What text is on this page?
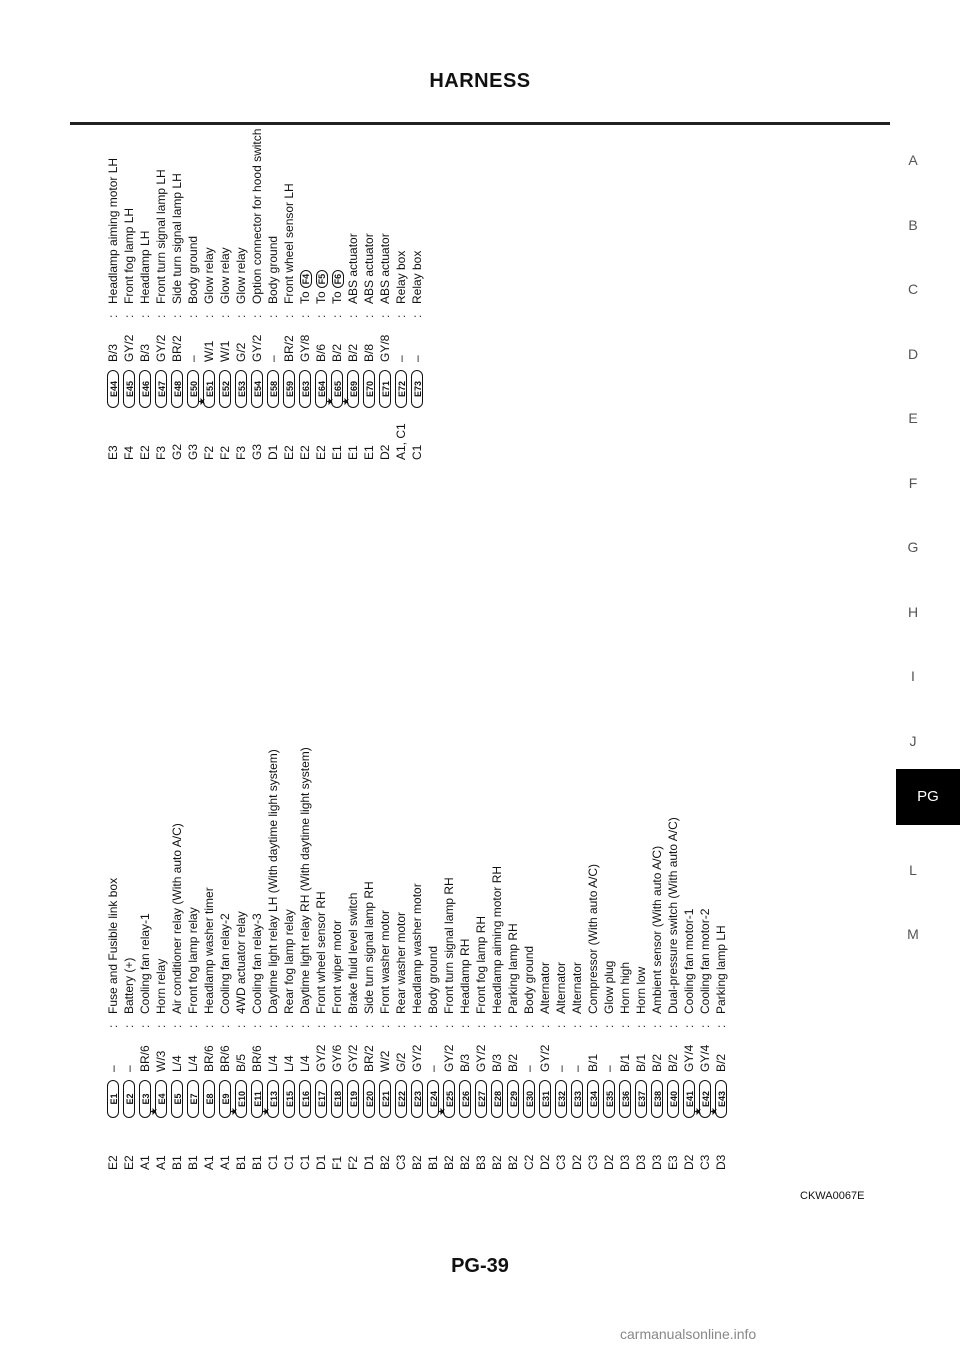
HARNESS
A
B
C
D
E
F
G
H
I
J
PG
L
M
E2
E1
–
:
Fuse and Fusible link box
E2
E2
–
:
Battery (+)
A1
E3
★
BR/6
:
Cooling fan relay-1
A1
E4
W/3
:
Horn relay
B1
E5
L/4
:
Air conditioner relay (With auto A/C)
B1
E7
L/4
:
Front fog lamp relay
A1
E8
BR/6
:
Headlamp washer timer
A1
E9
★
BR/6
:
Cooling fan relay-2
B1
E10
B/5
:
4WD actuator relay
B1
E11
★
BR/6
:
Cooling fan relay-3
C1
E13
L/4
:
Daytime light relay LH (With daytime light system)
C1
E15
L/4
:
Rear fog lamp relay
C1
E16
L/4
:
Daytime light relay RH (With daytime light system)
D1
E17
GY/2
:
Front wheel sensor RH
F1
E18
GY/6
:
Front wiper motor
F2
E19
GY/2
:
Brake fluid level switch
D1
E20
BR/2
:
Side turn signal lamp RH
B2
E21
W/2
:
Front washer motor
C3
E22
G/2
:
Rear washer motor
B2
E23
GY/2
:
Headlamp washer motor
B1
E24
★
–
:
Body ground
B2
E25
GY/2
:
Front turn signal lamp RH
B2
E26
B/3
:
Headlamp RH
B3
E27
GY/2
:
Front fog lamp RH
B2
E28
B/3
:
Headlamp aiming motor RH
B2
E29
B/2
:
Parking lamp RH
C2
E30
–
:
Body ground
D2
E31
GY/2
:
Alternator
C3
E32
–
:
Alternator
D2
E33
–
:
Alternator
C3
E34
B/1
:
Compressor (With auto A/C)
D2
E35
–
:
Glow plug
D3
E36
B/1
:
Horn high
D3
E37
B/1
:
Horn low
D3
E38
B/2
:
Ambient sensor (With auto A/C)
E3
E40
B/2
:
Dual-pressure switch (With auto A/C)
D2
E41
★
GY/4
:
Cooling fan motor-1
C3
E42
★
GY/4
:
Cooling fan motor-2
D3
E43
B/2
:
Parking lamp LH
E3
E44
B/3
:
Headlamp aiming motor LH
F4
E45
GY/2
:
Front fog lamp LH
E2
E46
B/3
:
Headlamp LH
F3
E47
GY/2
:
Front turn signal lamp LH
G2
E48
BR/2
:
Side turn signal lamp LH
G3
E50
★
–
:
Body ground
F2
E51
W/1
:
Glow relay
F2
E52
W/1
:
Glow relay
F3
E53
G/2
:
Glow relay
G3
E54
GY/2
:
Option connector for hood switch
D1
E58
–
:
Body ground
E2
E59
BR/2
:
Front wheel sensor LH
E2
E63
GY/8
:
ToF4
E2
E64
★
B/6
:
ToF5
E1
E65
★
B/2
:
ToF6
E1
E69
B/2
:
ABS actuator
E1
E70
B/8
:
ABS actuator
D2
E71
GY/8
:
ABS actuator
A1, C1
E72
–
:
Relay box
C1
E73
–
:
Relay box
CKWA0067E
PG-39
carmanualsonline.info
